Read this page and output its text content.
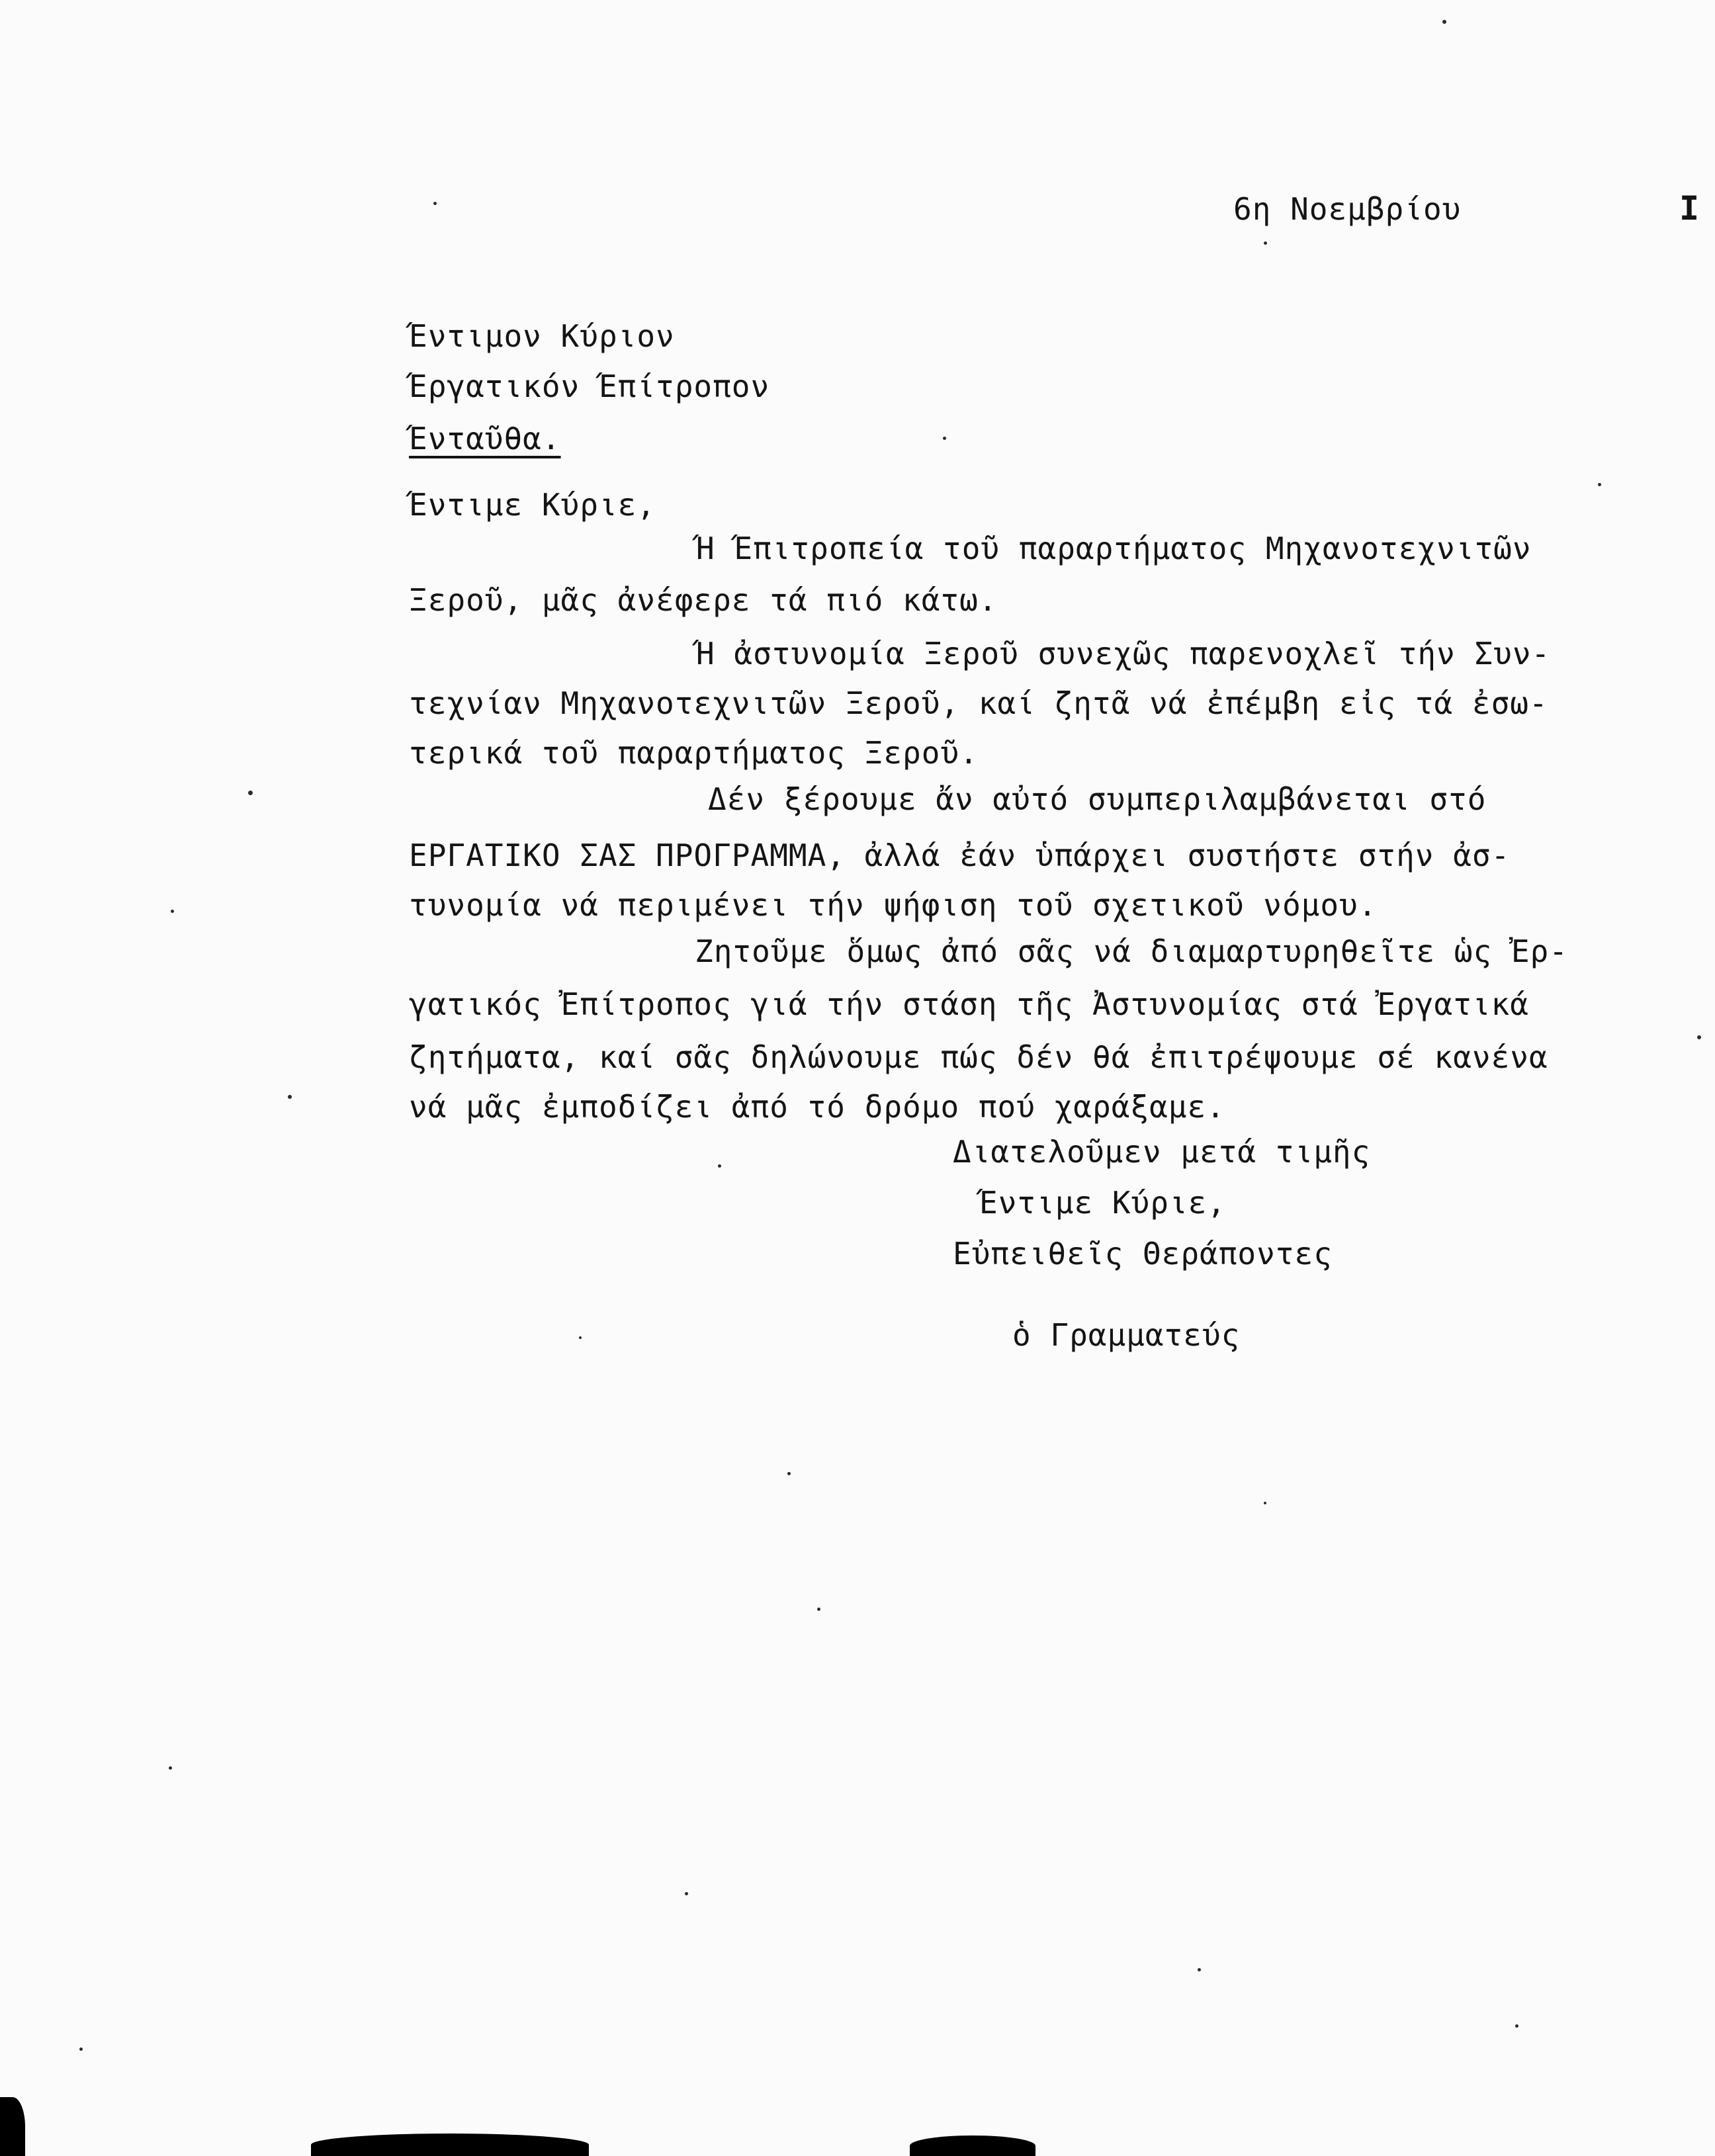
6η Νοεμβρίου	I
Έντιμον Κύριον
Έργατικόν Έπίτροπον
Ένταῦθα.
Έντιμε Κύριε,
Ή Έπιτροπεία τοῦ παραρτήματος Μηχανοτεχνιτῶν
Ξεροῦ, μᾶς ἀνέφερε τά πιό κάτω.
Ή ἀστυνομία Ξεροῦ συνεχῶς παρενοχλεῖ τήν Συν-
τεχνίαν Μηχανοτεχνιτῶν Ξεροῦ, καί ζητᾶ νά ἐπέμβη εἰς τά ἐσω-
τερικά τοῦ παραρτήματος Ξεροῦ.
Δέν ξέρουμε ἄν αὐτό συμπεριλαμβάνεται στό
ΕΡΓΑΤΙΚΟ ΣΑΣ ΠΡΟΓΡΑΜΜΑ, ἀλλά ἐάν ὑπάρχει συστήστε στήν ἀσ-
τυνομία νά περιμένει τήν ψήφιση τοῦ σχετικοῦ νόμου.
Ζητοῦμε ὅμως ἀπό σᾶς νά διαμαρτυρηθεῖτε ὡς Ἐρ-
γατικός Ἐπίτροπος γιά τήν στάση τῆς Ἀστυνομίας στά Ἐργατικά
ζητήματα, καί σᾶς δηλώνουμε πώς δέν θά ἐπιτρέψουμε σέ κανένα
νά μᾶς ἐμποδίζει ἀπό τό δρόμο πού χαράξαμε.
Διατελοῦμεν μετά τιμῆς
Έντιμε Κύριε,
Εὐπειθεῖς Θεράποντες
ὁ Γραμματεύς
